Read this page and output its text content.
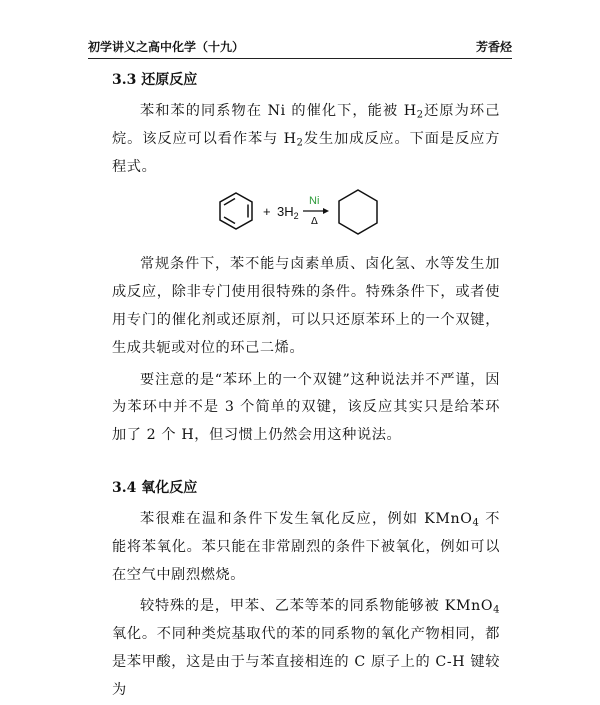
初学讲义之高中化学（十九）	芳香烃
3.3 还原反应

苯和苯的同系物在 Ni 的催化下，能被 $H_2$还原为环己烷。该反应可以看作苯与 $H_2$发生加成反应。下面是反应方程式。

+ $3H_2$
Ni
Δ

常规条件下，苯不能与卤素单质、卤化氢、水等发生加成反应，除非专门使用很特殊的条件。特殊条件下，或者使用专门的催化剂或还原剂，可以只还原苯环上的一个双键，生成共轭或对位的环己二烯。

要注意的是“苯环上的一个双键”这种说法并不严谨，因为苯环中并不是 3 个简单的双键，该反应其实只是给苯环加了 2 个 H，但习惯上仍然会用这种说法。

3.4 氧化反应

苯很难在温和条件下发生氧化反应，例如 KMnO$_4$ 不能将苯氧化。苯只能在非常剧烈的条件下被氧化，例如可以在空气中剧烈燃烧。

较特殊的是，甲苯、乙苯等苯的同系物能够被 KMnO$_4$ 氧化。不同种类烷基取代的苯的同系物的氧化产物相同，都是苯甲酸，这是由于与苯直接相连的 C 原子上的 C-H 键较为
